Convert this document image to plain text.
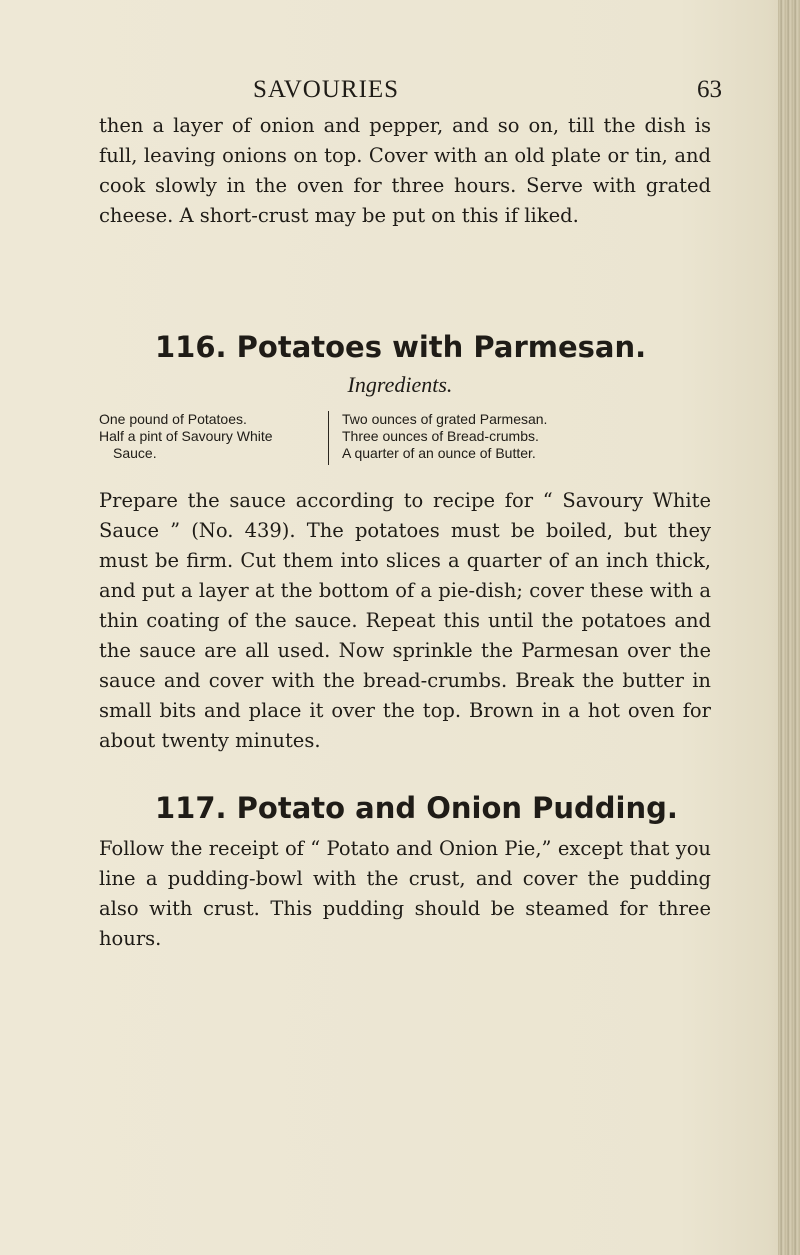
SAVOURIES	63

then a layer of onion and pepper, and so on, till the dish is full, leaving onions on top. Cover with an old plate or tin, and cook slowly in the oven for three hours. Serve with grated cheese. A short-crust may be put on this if liked.

116. Potatoes with Parmesan.
Ingredients.

One pound of Potatoes.

Half a pint of Savoury White Sauce.

Two ounces of grated Parmesan.

Three ounces of Bread-crumbs.

A quarter of an ounce of Butter.

Prepare the sauce according to recipe for “ Savoury White Sauce ” (No. 439). The potatoes must be boiled, but they must be firm. Cut them into slices a quarter of an inch thick, and put a layer at the bottom of a pie-dish; cover these with a thin coating of the sauce. Repeat this until the potatoes and the sauce are all used. Now sprinkle the Parmesan over the sauce and cover with the bread-crumbs. Break the butter in small bits and place it over the top. Brown in a hot oven for about twenty minutes.

117. Potato and Onion Pudding.

Follow the receipt of “ Potato and Onion Pie,” except that you line a pudding-bowl with the crust, and cover the pudding also with crust. This pudding should be steamed for three hours.
